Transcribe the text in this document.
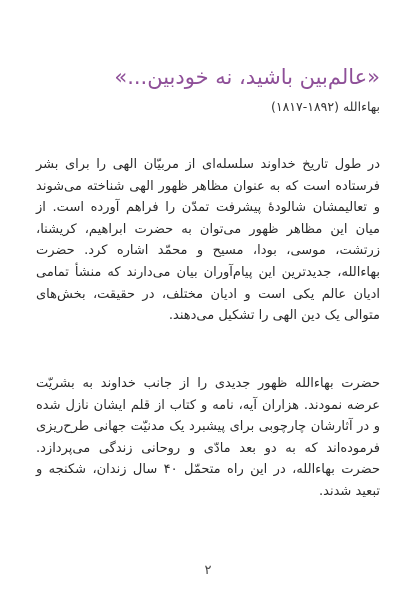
«عالم‌بین باشید، نه خودبین...»
بهاءالله (۱۸۹۲-۱۸۱۷)
در طول تاریخ خداوند سلسله‌ای از مربیّان الهی را برای بشر فرستاده است که به عنوان مظاهر ظهور الهی شناخته می‌شوند و تعالیمشان شالودۀ پیشرفت تمدّن را فراهم آورده است. از میان این مظاهر ظهور می‌توان به حضرت ابراهیم، کریشنا، زرتشت، موسی، بودا، مسیح و محمّد اشاره کرد. حضرت بهاءالله، جدیدترین این پیام‌آوران بیان می‌دارند که منشأ تمامی ادیان عالم یکی است و ادیان مختلف، در حقیقت، بخش‌های متوالی یک دین الهی را تشکیل می‌دهند.
حضرت بهاءالله ظهور جدیدی را از جانب خداوند به بشریّت عرضه نمودند. هزاران آیه، نامه و کتاب از قلم ایشان نازل شده و در آثارشان چارچوبی برای پیشبرد یک مدنیّت جهانی طرح‌ریزی فرموده‌اند که به دو بعد مادّی و روحانی زندگی می‌پردازد. حضرت بهاءالله، در این راه متحمّل ۴۰ سال زندان، شکنجه و تبعید شدند.
۲
